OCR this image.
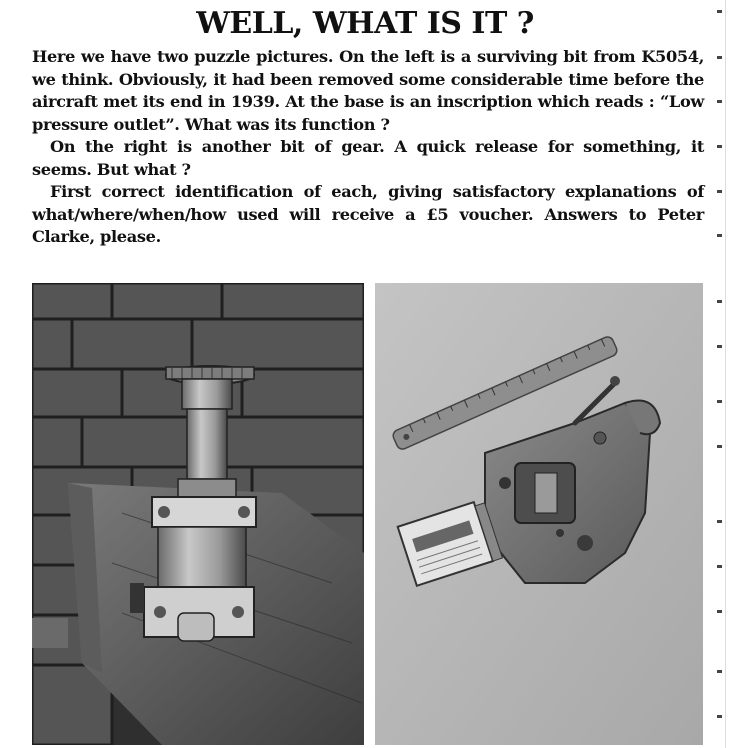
WELL, WHAT IS IT ?

Here we have two puzzle pictures. On the left is a surviving bit from K5054, we think. Obviously, it had been removed some considerable time before the aircraft met its end in 1939. At the base is an inscription which reads : “Low pressure outlet”. What was its function ?

On the right is another bit of gear. A quick release for something, it seems. But what ?

First correct identification of each, giving satisfactory explanations of what/where/when/how used will receive a £5 voucher. Answers to Peter Clarke, please.
